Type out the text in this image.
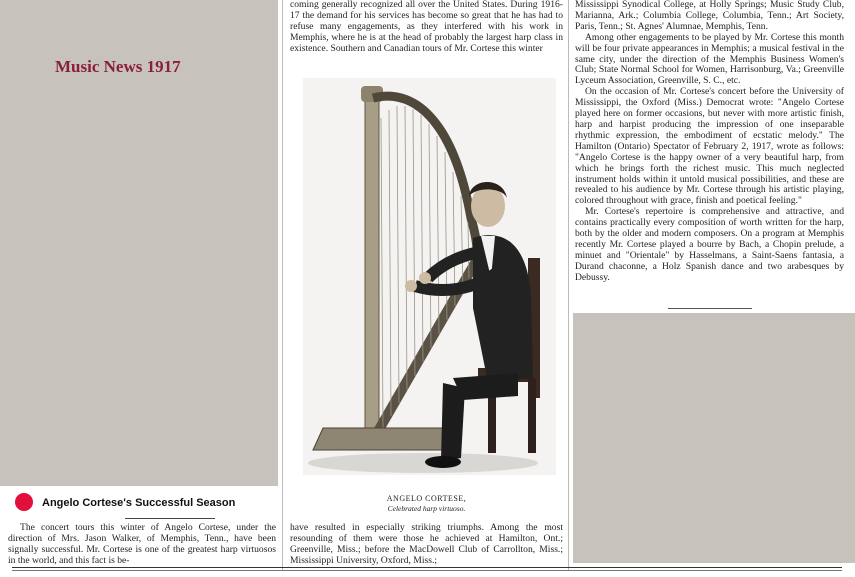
Music News 1917

coming generally recognized all over the United States. During 1916-17 the demand for his services has become so great that he has had to refuse many engagements, as they interfered with his work in Memphis, where he is at the head of probably the largest harp class in existence. Southern and Canadian tours of Mr. Cortese this winter

Mississippi Synodical College, at Holly Springs; Music Study Club, Marianna, Ark.; Columbia College, Columbia, Tenn.; Art Society, Paris, Tenn.; St. Agnes' Alumnae, Memphis, Tenn.

Among other engagements to be played by Mr. Cortese this month will be four private appearances in Memphis; a musical festival in the same city, under the direction of the Memphis Business Women's Club; State Normal School for Women, Harrisonburg, Va.; Greenville Lyceum Association, Greenville, S. C., etc.

On the occasion of Mr. Cortese's concert before the University of Mississippi, the Oxford (Miss.) Democrat wrote: "Angelo Cortese played here on former occasions, but never with more artistic finish, harp and harpist producing the impression of one inseparable rhythmic expression, the embodiment of ecstatic melody." The Hamilton (Ontario) Spectator of February 2, 1917, wrote as follows: "Angelo Cortese is the happy owner of a very beautiful harp, from which he brings forth the richest music. This much neglected instrument holds within it untold musical possibilities, and these are revealed to his audience by Mr. Cortese through his artistic playing, colored throughout with grace, finish and poetical feeling."

Mr. Cortese's repertoire is comprehensive and attractive, and contains practically every composition of worth written for the harp, both by the older and modern composers. On a program at Memphis recently Mr. Cortese played a bourre by Bach, a Chopin prelude, a minuet and "Orientale" by Hasselmans, a Saint-Saens fantasia, a Durand chaconne, a Holz Spanish dance and two arabesques by Debussy.

ANGELO CORTESE,
Celebrated harp virtuoso.
Angelo Cortese's Successful Season

The concert tours this winter of Angelo Cortese, under the direction of Mrs. Jason Walker, of Memphis, Tenn., have been signally successful. Mr. Cortese is one of the greatest harp virtuosos in the world, and this fact is be-

have resulted in especially striking triumphs. Among the most resounding of them were those he achieved at Hamilton, Ont.; Greenville, Miss.; before the MacDowell Club of Carrollton, Miss.; Mississippi University, Oxford, Miss.;
